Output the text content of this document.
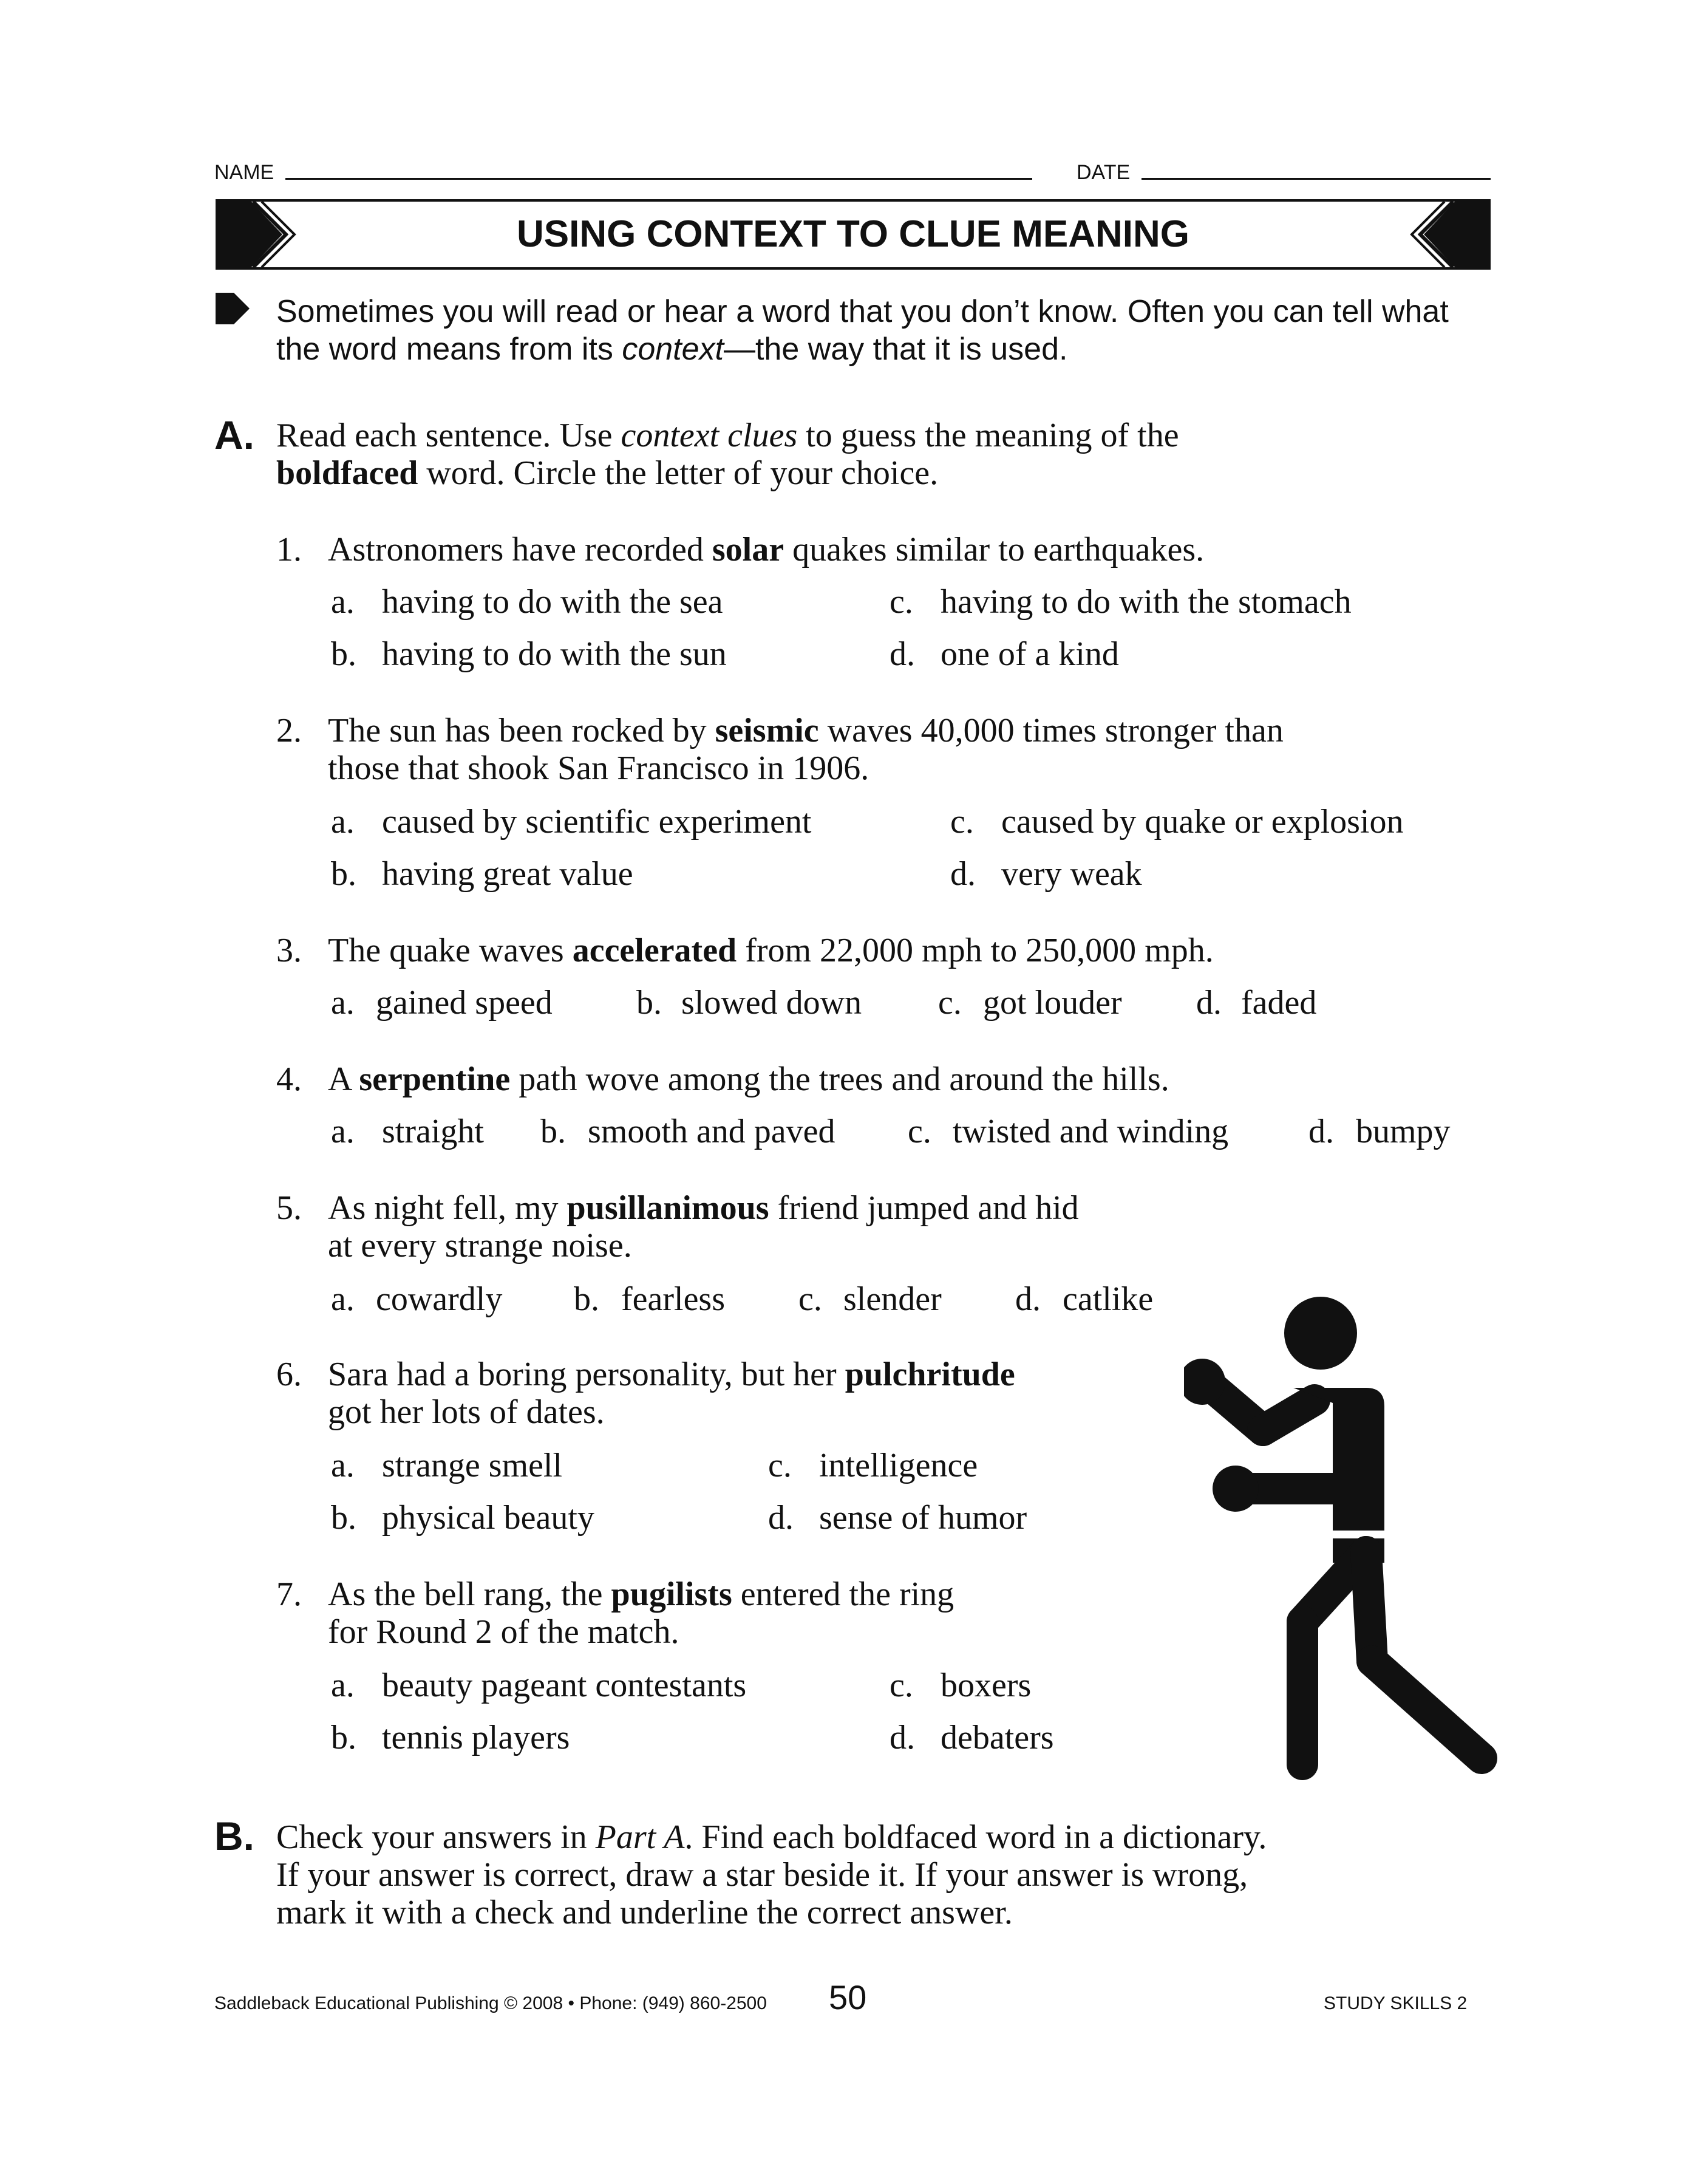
NAME	DATE
USING CONTEXT TO CLUE MEANING
Sometimes you will read or hear a word that you don’t know. Often you can tell what the word means from its context—the way that it is used.
A. Read each sentence. Use context clues to guess the meaning of the
boldfaced word. Circle the letter of your choice.
1. Astronomers have recorded solar quakes similar to earthquakes.
a. having to do with the sea	c. having to do with the stomach
b. having to do with the sun	d. one of a kind
2. The sun has been rocked by seismic waves 40,000 times stronger than
those that shook San Francisco in 1906.
a. caused by scientific experiment	c. caused by quake or explosion
b. having great value	d. very weak
3. The quake waves accelerated from 22,000 mph to 250,000 mph.
a. gained speed b. slowed down c. got louder d. faded
4. A serpentine path wove among the trees and around the hills.
a. straight b. smooth and paved c. twisted and winding d. bumpy
5. As night fell, my pusillanimous friend jumped and hid
at every strange noise.
a. cowardly b. fearless c. slender d. catlike
6. Sara had a boring personality, but her pulchritude
got her lots of dates.
a. strange smell	c. intelligence
b. physical beauty	d. sense of humor
7. As the bell rang, the pugilists entered the ring
for Round 2 of the match.
a. beauty pageant contestants	c. boxers
b. tennis players	d. debaters
B. Check your answers in Part A. Find each boldfaced word in a dictionary.
If your answer is correct, draw a star beside it. If your answer is wrong,
mark it with a check and underline the correct answer.
Saddleback Educational Publishing © 2008 • Phone: (949) 860-2500 50	STUDY SKILLS 2
